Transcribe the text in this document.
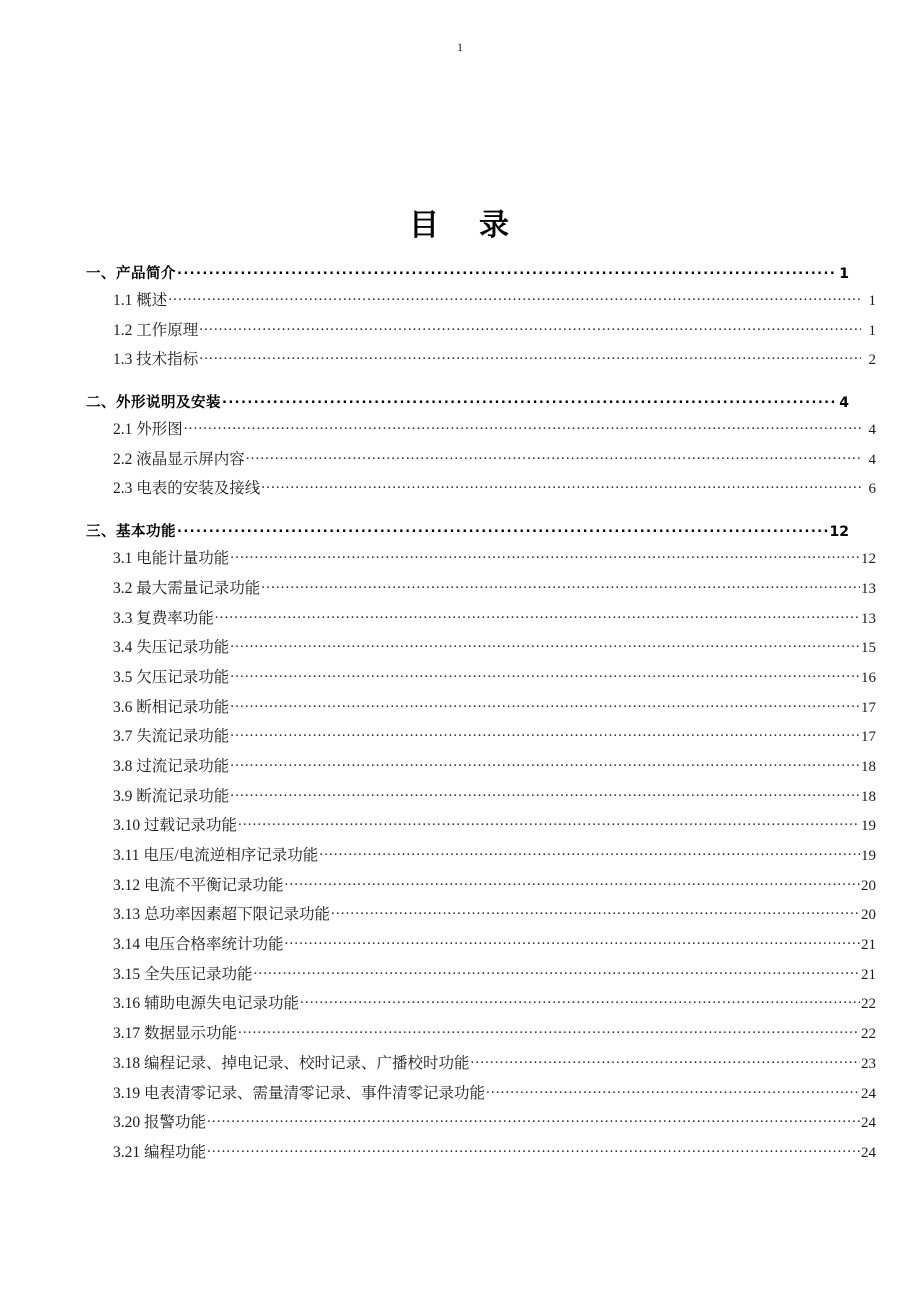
1
目 录
一、产品简介 .....	1
1.1 概述 .....	1
1.2 工作原理 .....	1
1.3 技术指标 .....	2
二、外形说明及安装 .....	4
2.1 外形图 .....	4
2.2 液晶显示屏内容 .....	4
2.3 电表的安装及接线 .....	6
三、基本功能 .....	12
3.1 电能计量功能 .....	12
3.2 最大需量记录功能 .....	13
3.3 复费率功能 .....	13
3.4 失压记录功能 .....	15
3.5 欠压记录功能 .....	16
3.6 断相记录功能 .....	17
3.7 失流记录功能 .....	17
3.8 过流记录功能 .....	18
3.9 断流记录功能 .....	18
3.10 过载记录功能 .....	19
3.11 电压/电流逆相序记录功能 .....	19
3.12 电流不平衡记录功能 .....	20
3.13 总功率因素超下限记录功能 .....	20
3.14 电压合格率统计功能 .....	21
3.15 全失压记录功能 .....	21
3.16 辅助电源失电记录功能 .....	22
3.17 数据显示功能 .....	22
3.18 编程记录、掉电记录、校时记录、广播校时功能 .....	23
3.19 电表清零记录、需量清零记录、事件清零记录功能 .....	24
3.20 报警功能 .....	24
3.21 编程功能 .....	24
